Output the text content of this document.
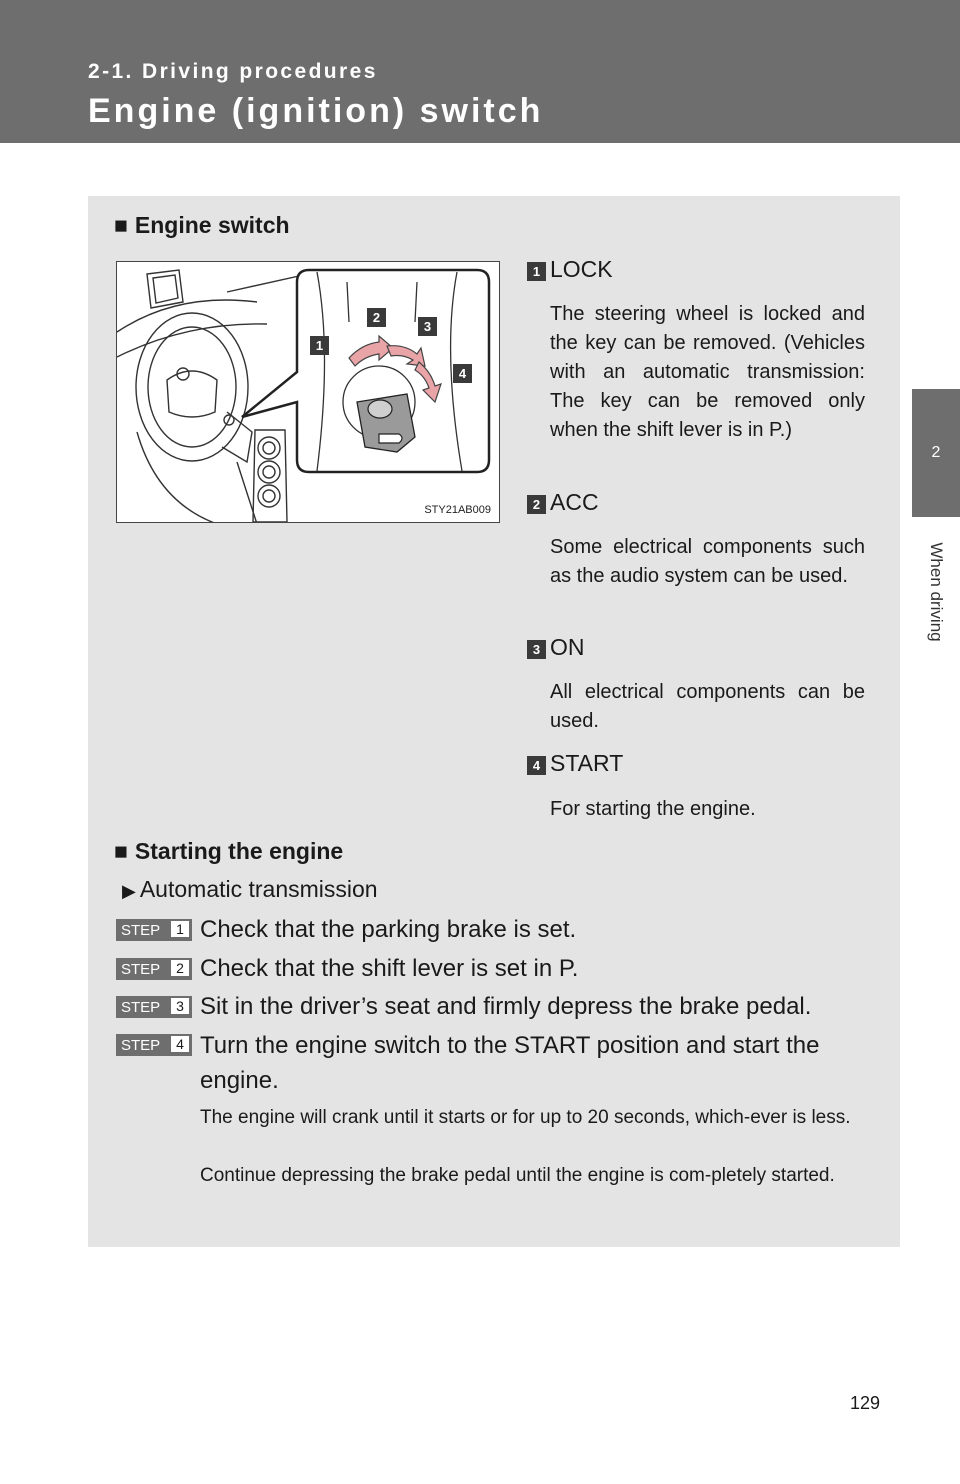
2-1. Driving procedures
Engine (ignition) switch
2
When driving
■ Engine switch
1
2
3
4
STY21AB009
1 LOCK
The steering wheel is locked and the key can be removed. (Vehicles with an automatic transmission: The key can be removed only when the shift lever is in P.)
2 ACC
Some electrical components such as the audio system can be used.
3 ON
All electrical components can be used.
4 START
For starting the engine.
■ Starting the engine
▶ Automatic transmission
STEP	1 Check that the parking brake is set.
STEP	2 Check that the shift lever is set in P.
STEP	3 Sit in the driver’s seat and firmly depress the brake pedal.
STEP	4 Turn the engine switch to the START position and start the engine.
The engine will crank until it starts or for up to 20 seconds, which-ever is less.
Continue depressing the brake pedal until the engine is com-pletely started.
129
